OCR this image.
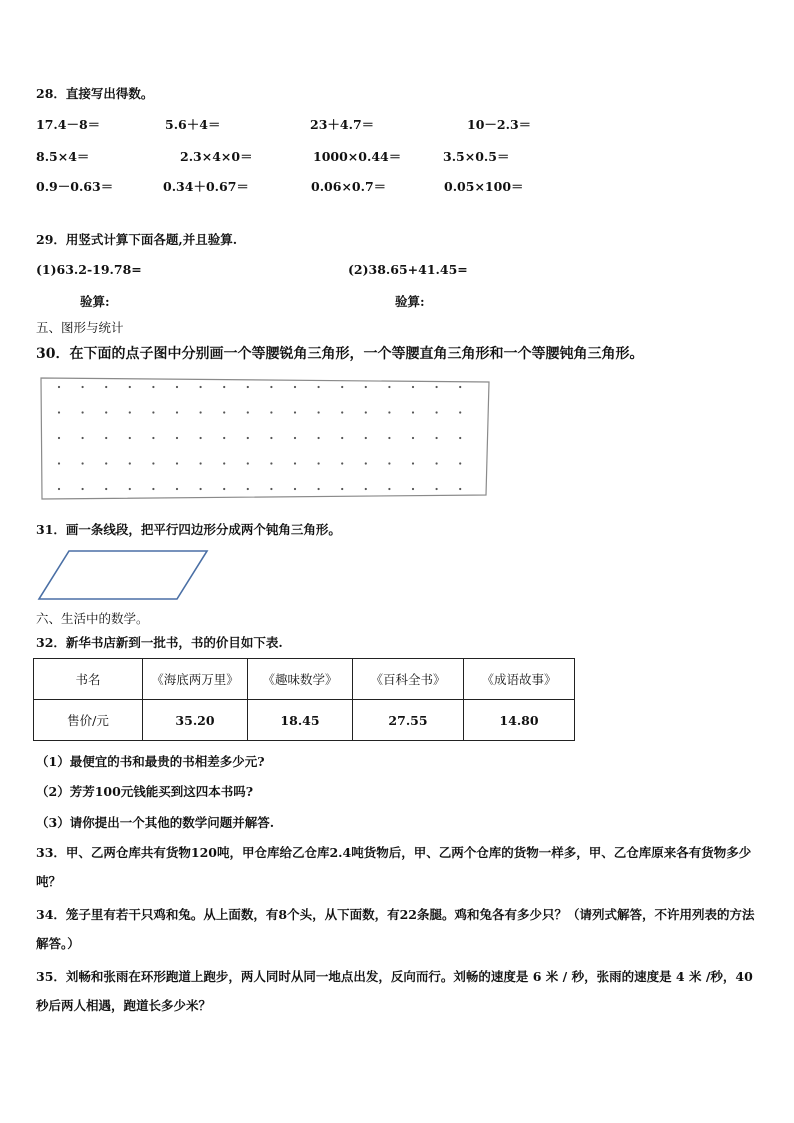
28．直接写出得数。
17.4－8＝	5.6＋4＝	23＋4.7＝	10－2.3＝
8.5×4＝	2.3×4×0＝	1000×0.44＝	3.5×0.5＝
0.9－0.63＝	0.34＋0.67＝	0.06×0.7＝	0.05×100＝
29．用竖式计算下面各题,并且验算.
(1)63.2-19.78=	(2)38.65+41.45=
验算:	验算:
五、图形与统计
30．在下面的点子图中分别画一个等腰锐角三角形，一个等腰直角三角形和一个等腰钝角三角形。
31．画一条线段，把平行四边形分成两个钝角三角形。
六、生活中的数学。
32．新华书店新到一批书，书的价目如下表.
书名	《海底两万里》	《趣味数学》	《百科全书》	《成语故事》
售价/元	35.20	18.45	27.55	14.80
（1）最便宜的书和最贵的书相差多少元?
（2）芳芳100元钱能买到这四本书吗?
（3）请你提出一个其他的数学问题并解答.
33．甲、乙两仓库共有货物120吨，甲仓库给乙仓库2.4吨货物后，甲、乙两个仓库的货物一样多，甲、乙仓库原来各有货物多少吨？
34．笼子里有若干只鸡和兔。从上面数，有8个头，从下面数，有22条腿。鸡和兔各有多少只？（请列式解答，不许用列表的方法解答。）
35．刘畅和张雨在环形跑道上跑步，两人同时从同一地点出发，反向而行。刘畅的速度是 6 米 / 秒，张雨的速度是 4 米 /秒，40 秒后两人相遇，跑道长多少米？
